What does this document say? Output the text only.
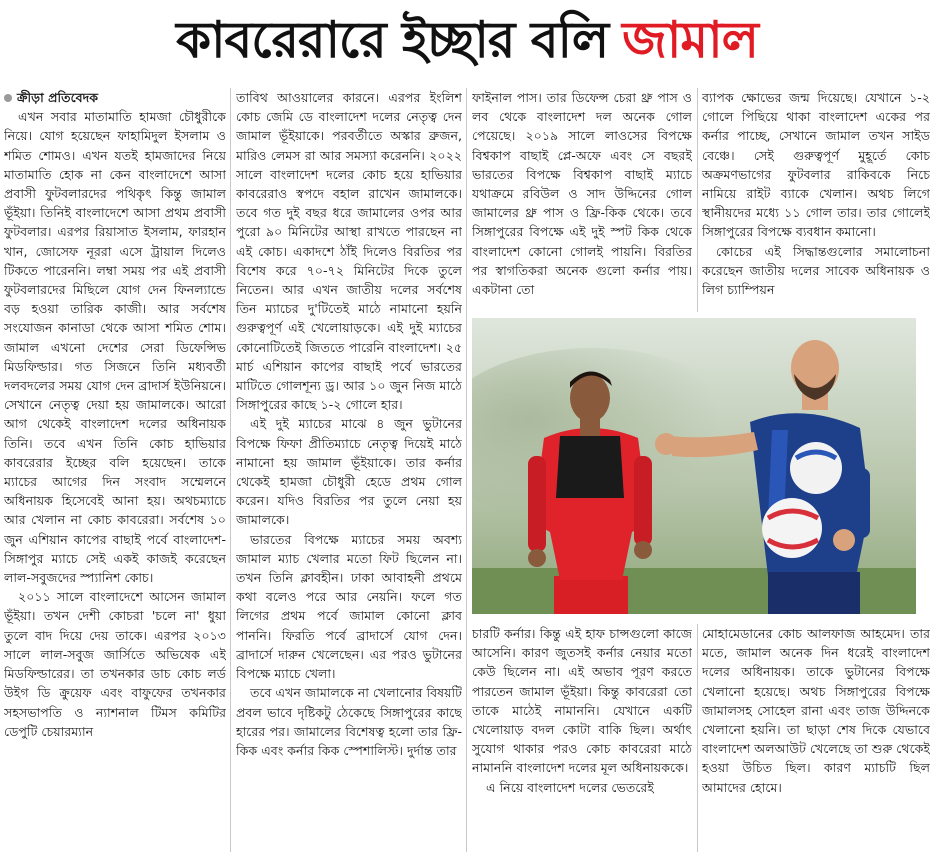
কাবরেরারে ইচ্ছার বলি জামাল
ক্রীড়া প্রতিবেদক

এখন সবার মাতামাতি হামজা চৌধুরীকে নিয়ে। যোগ হয়েছেন ফাহামিদুল ইসলাম ও শমিত শোমও। এখন যতই হামজাদের নিয়ে মাতামাতি হোক না কেন বাংলাদেশে আসা প্রবাসী ফুটবলারদের পথিকৃৎ কিন্তু জামাল ভূঁইয়া। তিনিই বাংলাদেশে আসা প্রথম প্রবাসী ফুটবলার। এরপর রিয়াসাত ইসলাম, ফারহান খান, জোসেফ নূররা এসে ট্রায়াল দিলেও টিকতে পারেননি। লম্বা সময় পর এই প্রবাসী ফুটবলারদের মিছিলে যোগ দেন ফিনল্যান্ডে বড় হওয়া তারিক কাজী। আর সর্বশেষ সংযোজন কানাডা থেকে আসা শমিত শোম। জামাল এখনো দেশের সেরা ডিফেন্সিভ মিডফিল্ডার। গত সিজনে তিনি মধ্যবর্তী দলবদলের সময় যোগ দেন ব্রাদার্স ইউনিয়নে। সেখানে নেতৃত্ব দেয়া হয় জামালকে। আরো আগ থেকেই বাংলাদেশ দলের অধিনায়ক তিনি। তবে এখন তিনি কোচ হাভিয়ার কাবরেরার ইচ্ছের বলি হয়েছেন। তাকে ম্যাচের আগের দিন সংবাদ সম্মেলনে অধিনায়ক হিসেবেই আনা হয়। অথচম্যাচে আর খেলান না কোচ কাবরেরা। সর্বশেষ ১০ জুন এশিয়ান কাপের বাছাই পর্বে বাংলাদেশ-সিঙ্গাপুর ম্যাচে সেই একই কাজই করেছেন লাল-সবুজদের স্প্যানিশ কোচ।

২০১১ সালে বাংলাদেশে আসেন জামাল ভূঁইয়া। তখন দেশী কোচরা 'চলে না' ধুয়া তুলে বাদ দিয়ে দেয় তাকে। এরপর ২০১৩ সালে লাল-সবুজ জার্সিতে অভিষেক এই মিডফিল্ডারের। তা তখনকার ডাচ কোচ লর্ড উইগ ডি ক্রুয়েফ এবং বাফুফের তখনকার সহসভাপতি ও ন্যাশনাল টিমস কমিটির ডেপুটি চেয়ারম্যান

তাবিথ আওয়ালের কারনে। এরপর ইংলিশ কোচ জেমি ডে বাংলাদেশ দলের নেতৃত্ব দেন জামাল ভূঁইয়াকে। পরবর্তীতে অস্কার ব্রুজন, মারিও লেমস রা আর সমস্যা করেননি। ২০২২ সালে বাংলাদেশ দলের কোচ হয়ে হাভিয়ার কাবরেরাও স্বপদে বহাল রাখেন জামালকে। তবে গত দুই বছর ধরে জামালের ওপর আর পুরো ৯০ মিনিটের আস্থা রাখতে পারছেন না এই কোচ। একাদশে ঠাঁই দিলেও বিরতির পর বিশেষ করে ৭০-৭২ মিনিটের দিকে তুলে নিতেন। আর এখন জাতীয় দলের সর্বশেষ তিন ম্যাচের দু'টিতেই মাঠে নামানো হয়নি গুরুত্বপূর্ণ এই খেলোয়াড়কে। এই দুই ম্যাচের কোনোটিতেই জিততে পারেনি বাংলাদেশ। ২৫ মার্চ এশিয়ান কাপের বাছাই পর্বে ভারতের মাটিতে গোলশূন্য ড্র। আর ১০ জুন নিজ মাঠে সিঙ্গাপুরের কাছে ১-২ গোলে হার।

এই দুই ম্যাচের মাঝে ৪ জুন ভুটানের বিপক্ষে ফিফা প্রীতিম্যাচে নেতৃত্ব দিয়েই মাঠে নামানো হয় জামাল ভূঁইয়াকে। তার কর্নার থেকেই হামজা চৌধুরী হেডে প্রথম গোল করেন। যদিও বিরতির পর তুলে নেয়া হয় জামালকে।

ভারতের বিপক্ষে ম্যাচের সময় অবশ্য জামাল ম্যাচ খেলার মতো ফিট ছিলেন না। তখন তিনি ক্লাবহীন। ঢাকা আবাহনী প্রথমে কথা বলেও পরে আর নেয়নি। ফলে গত লিগের প্রথম পর্বে জামাল কোনো ক্লাব পাননি। ফিরতি পর্বে ব্রাদার্সে যোগ দেন। ব্রাদার্সে দারুন খেলেছেন। এর পরও ভুটানের বিপক্ষে ম্যাচে খেলা।

তবে এখন জামালকে না খেলানোর বিষয়টি প্রবল ভাবে দৃষ্টিকটু ঠেকেছে সিঙ্গাপুরের কাছে হারের পর। জামালের বিশেষত্ব হলো তার ফ্রি-কিক এবং কর্নার কিক স্পেশালিস্ট। দুর্দান্ত তার

ফাইনাল পাস। তার ডিফেন্স চেরা থ্রু পাস ও লব থেকে বাংলাদেশ দল অনেক গোল পেয়েছে। ২০১৯ সালে লাওসের বিপক্ষে বিশ্বকাপ বাছাই প্লে-অফে এবং সে বছরই ভারতের বিপক্ষে বিশ্বকাপ বাছাই ম্যাচে যথাক্রমে রবিউল ও সাদ উদ্দিনের গোল জামালের থ্রু পাস ও ফ্রি-কিক থেকে। তবে সিঙ্গাপুরের বিপক্ষে এই দুই স্পট কিক থেকে বাংলাদেশ কোনো গোলই পায়নি। বিরতির পর স্বাগতিকরা অনেক গুলো কর্নার পায়। একটানা তো

ব্যাপক ক্ষোভের জন্ম দিয়েছে। যেখানে ১-২ গোলে পিছিয়ে থাকা বাংলাদেশ একের পর কর্নার পাচ্ছে, সেখানে জামাল তখন সাইড বেঞ্চে। সেই গুরুত্বপূর্ণ মুহূর্তে কোচ অক্রমণভাগের ফুটবলার রাকিবকে নিচে নামিয়ে রাইট ব্যাকে খেলান। অথচ লিগে স্থানীয়দের মধ্যে ১১ গোল তার। তার গোলেই সিঙ্গাপুরের বিপক্ষে ব্যবধান কমানো।

কোচের এই সিদ্ধান্তগুলোর সমালোচনা করেছেন জাতীয় দলের সাবেক অধিনায়ক ও লিগ চ্যাম্পিয়ন

চারটি কর্নার। কিন্তু এই হাফ চান্সগুলো কাজে আসেনি। কারণ জুতসই কর্নার নেয়ার মতো কেউ ছিলেন না। এই অভাব পূরণ করতে পারতেন জামাল ভূঁইয়া। কিন্তু কাবরেরা তো তাকে মাঠেই নামাননি। যেখানে একটি খেলোয়াড় বদল কোটা বাকি ছিল। অর্থাৎ সুযোগ থাকার পরও কোচ কাবরেরা মাঠে নামাননি বাংলাদেশ দলের মূল অধিনায়ককে।

এ নিয়ে বাংলাদেশ দলের ভেতরেই

মোহামেডানের কোচ আলফাজ আহমেদ। তার মতে, জামাল অনেক দিন ধরেই বাংলাদেশ দলের অধিনায়ক। তাকে ভুটানের বিপক্ষে খেলানো হয়েছে। অথচ সিঙ্গাপুরের বিপক্ষে জামালসহ সোহেল রানা এবং তাজ উদ্দিনকে খেলানো হয়নি। তা ছাড়া শেষ দিকে যেভাবে বাংলাদেশ অলআউট খেলেছে তা শুরু থেকেই হওয়া উচিত ছিল। কারণ ম্যাচটি ছিল আমাদের হোমে।
